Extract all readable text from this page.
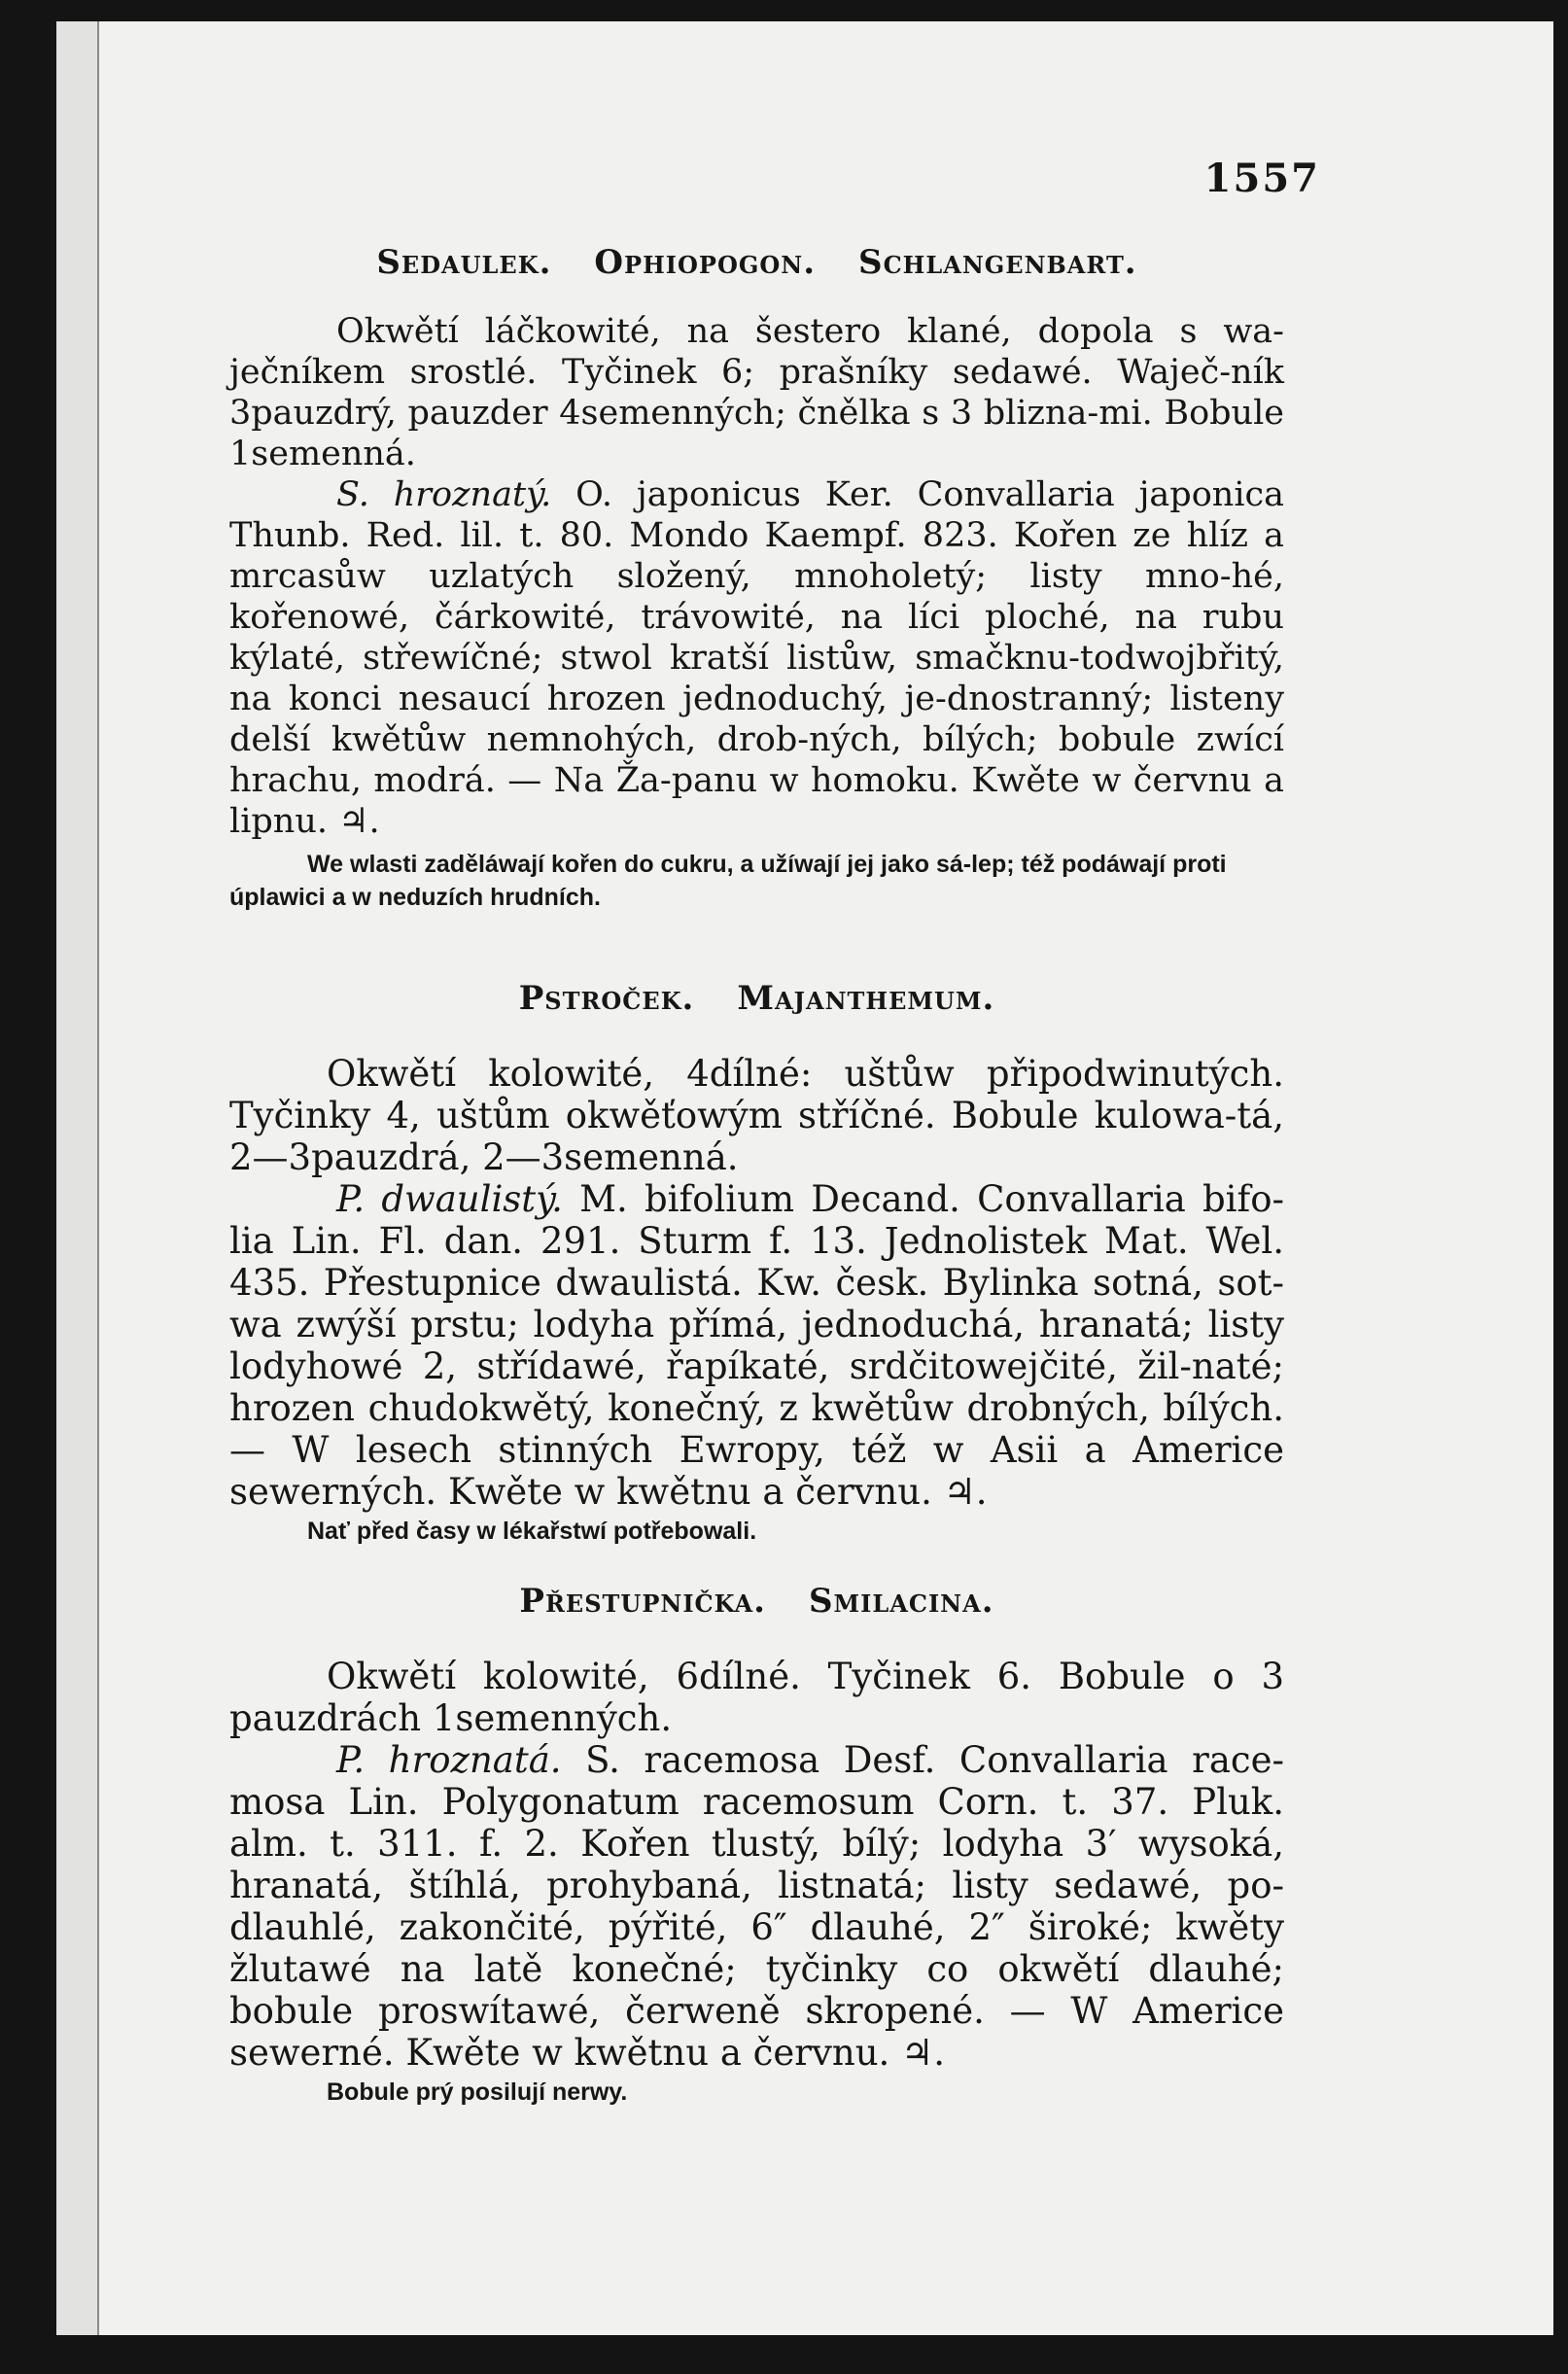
1557
Sedaulek. Ophiopogon. Schlangenbart.

Okwětí láčkowité, na šestero klané, dopola s wa-ječníkem srostlé. Tyčinek 6; prašníky sedawé. Waječ-ník 3pauzdrý, pauzder 4semenných; čnělka s 3 blizna-mi. Bobule 1semenná.

S. hroznatý. O. japonicus Ker. Convallaria japonica Thunb. Red. lil. t. 80. Mondo Kaempf. 823. Kořen ze hlíz a mrcasůw uzlatých složený, mnoholetý; listy mno-hé, kořenowé, čárkowité, trávowité, na líci ploché, na rubu kýlaté, střewíčné; stwol kratší listůw, smačknu-todwojbřitý, na konci nesaucí hrozen jednoduchý, je-dnostranný; listeny delší kwětůw nemnohých, drob-ných, bílých; bobule zwící hrachu, modrá. — Na Ža-panu w homoku. Kwěte w červnu a lipnu. ♃.

We wlasti zaděláwají kořen do cukru, a užíwají jej jako sá-lep; též podáwají proti úplawici a w neduzích hrudních.

Pstroček. Majanthemum.

Okwětí kolowité, 4dílné: uštůw připodwinutých. Tyčinky 4, uštům okwěťowým stříčné. Bobule kulowa-tá, 2—3pauzdrá, 2—3semenná.

P. dwaulistý. M. bifolium Decand. Convallaria bifo-lia Lin. Fl. dan. 291. Sturm f. 13. Jednolistek Mat. Wel. 435. Přestupnice dwaulistá. Kw. česk. Bylinka sotná, sot-wa zwýší prstu; lodyha přímá, jednoduchá, hranatá; listy lodyhowé 2, střídawé, řapíkaté, srdčitowejčité, žil-naté; hrozen chudokwětý, konečný, z kwětůw drobných, bílých. — W lesech stinných Ewropy, též w Asii a Americe sewerných. Kwěte w kwětnu a červnu. ♃.

Nať před časy w lékařstwí potřebowali.

Přestupnička. Smilacina.

Okwětí kolowité, 6dílné. Tyčinek 6. Bobule o 3 pauzdrách 1semenných.

P. hroznatá. S. racemosa Desf. Convallaria race-mosa Lin. Polygonatum racemosum Corn. t. 37. Pluk. alm. t. 311. f. 2. Kořen tlustý, bílý; lodyha 3′ wysoká, hranatá, štíhlá, prohybaná, listnatá; listy sedawé, po-dlauhlé, zakončité, pýřité, 6″ dlauhé, 2″ široké; kwěty žlutawé na latě konečné; tyčinky co okwětí dlauhé; bobule proswítawé, čerweně skropené. — W Americe sewerné. Kwěte w kwětnu a červnu. ♃.

Bobule prý posilují nerwy.
